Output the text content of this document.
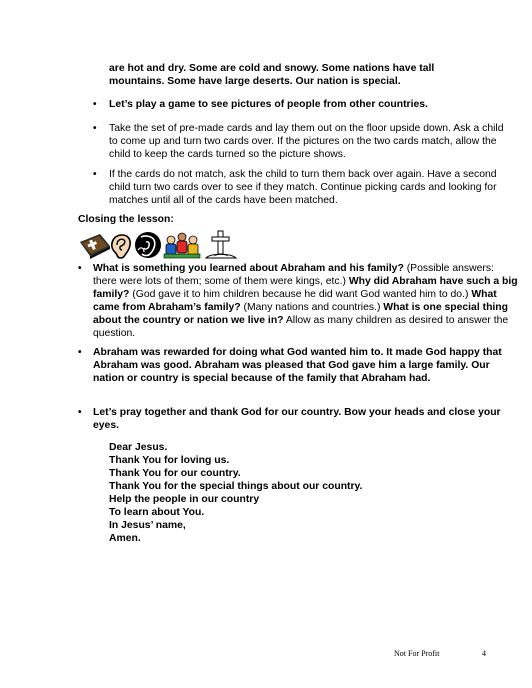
are hot and dry. Some are cold and snowy. Some nations have tall
mountains. Some have large deserts. Our nation is special.
•	Let’s play a game to see pictures of people from other countries.
•	Take the set of pre-made cards and lay them out on the floor upside down. Ask a child to come up and turn two cards over. If the pictures on the two cards match, allow the child to keep the cards turned so the picture shows.
•	If the cards do not match, ask the child to turn them back over again. Have a second child turn two cards over to see if they match. Continue picking cards and looking for matches until all of the cards have been matched.
Closing the lesson:
•	What is something you learned about Abraham and his family? (Possible answers: there were lots of them; some of them were kings, etc.) Why did Abraham have such a big family? (God gave it to him children because he did want God wanted him to do.) What came from Abraham’s family? (Many nations and countries.) What is one special thing about the country or nation we live in? Allow as many children as desired to answer the question.
•	Abraham was rewarded for doing what God wanted him to. It made God happy that Abraham was good. Abraham was pleased that God gave him a large family. Our nation or country is special because of the family that Abraham had.
•	Let’s pray together and thank God for our country. Bow your heads and close your eyes.
Dear Jesus.
Thank You for loving us.
Thank You for our country.
Thank You for the special things about our country.
Help the people in our country
To learn about You.
In Jesus’ name,
Amen.
Not For Profit	4
